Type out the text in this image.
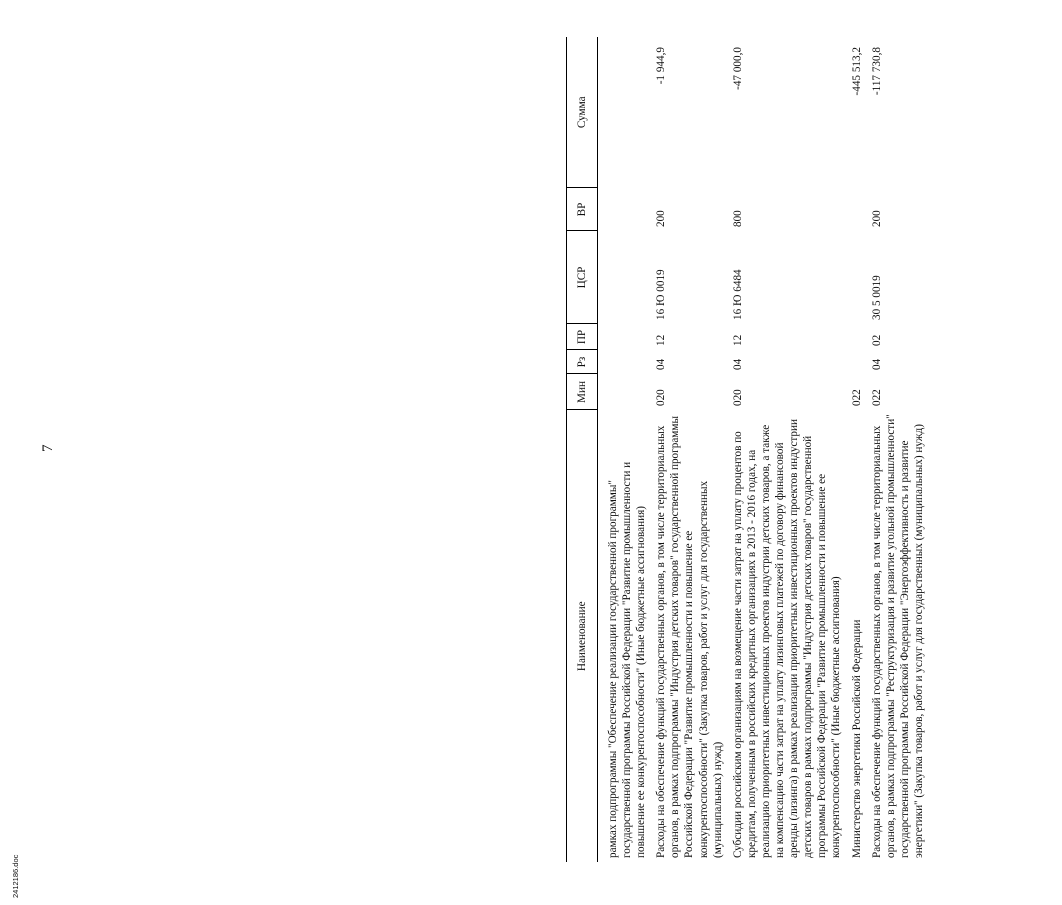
7
2412186.doc
Наименование	Мин	Рз	ПР	ЦСР	ВР	Сумма
рамках подпрограммы "Обеспечение реализации государственной программы" государственной программы Российской Федерации "Развитие промышленности и повышение ее конкурентоспособности" (Иные бюджетные ассигнования)						
Расходы на обеспечение функций государственных органов, в том числе территориальных органов, в рамках подпрограммы "Индустрия детских товаров" государственной программы Российской Федерации "Развитие промышленности и повышение ее конкурентоспособности" (Закупка товаров, работ и услуг для государственных (муниципальных) нужд)	020	04	12	16 Ю 0019	200	-1 944,9
Субсидии российским организациям на возмещение части затрат на уплату процентов по кредитам, полученным в российских кредитных организациях в 2013 - 2016 годах, на реализацию приоритетных инвестиционных проектов индустрии детских товаров, а также на компенсацию части затрат на уплату лизинговых платежей по договору финансовой аренды (лизинга) в рамках реализации приоритетных инвестиционных проектов индустрии детских товаров в рамках подпрограммы "Индустрия детских товаров" государственной программы Российской Федерации "Развитие промышленности и повышение ее конкурентоспособности" (Иные бюджетные ассигнования)	020	04	12	16 Ю 6484	800	-47 000,0
Министерство энергетики Российской Федерации	022					-445 513,2
Расходы на обеспечение функций государственных органов, в том числе территориальных органов, в рамках подпрограммы "Реструктуризация и развитие угольной промышленности" государственной программы Российской Федерации "Энергоэффективность и развитие энергетики" (Закупка товаров, работ и услуг для государственных (муниципальных) нужд)	022	04	02	30 5 0019	200	-117 730,8
